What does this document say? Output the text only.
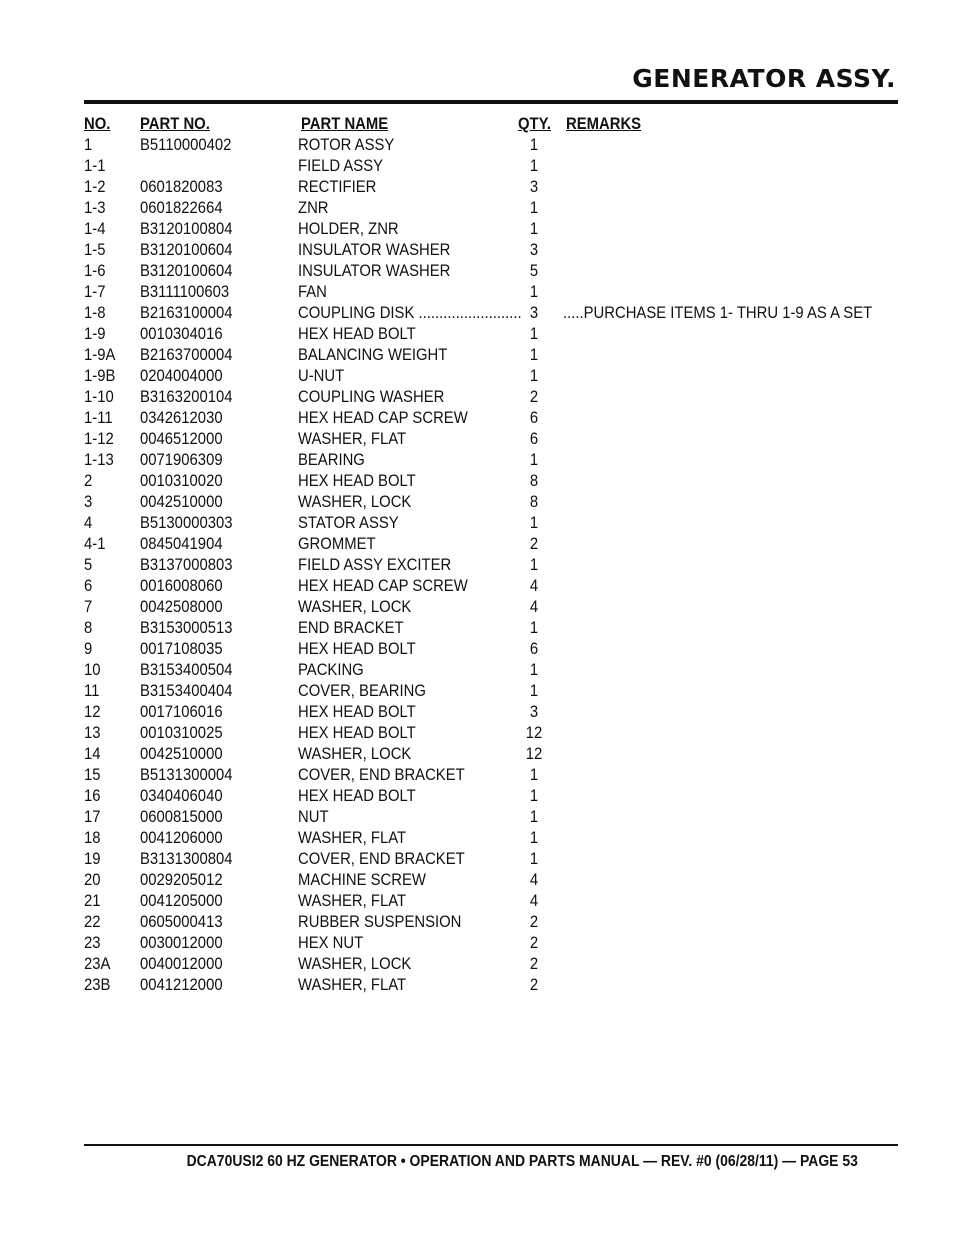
GENERATOR ASSY.
NO. PART NO.	PART NAME	QTY. REMARKS
1	B5110000402	ROTOR ASSY	1
1-1	FIELD ASSY	1
1-2 0601820083	RECTIFIER	3
1-3 0601822664	ZNR	1
1-4 B3120100804	HOLDER, ZNR	1
1-5 B3120100604	INSULATOR WASHER	3
1-6 B3120100604	INSULATOR WASHER	5
1-7 B3111100603	FAN	1
1-8 B2163100004	COUPLING DISK ......................... 3 .....PURCHASE ITEMS 1- THRU 1-9 AS A SET
1-9 0010304016	HEX HEAD BOLT	1
1-9A B2163700004	BALANCING WEIGHT	1
1-9B 0204004000	U-NUT	1
1-10 B3163200104	COUPLING WASHER	2
1-11 0342612030	HEX HEAD CAP SCREW	6
1-12 0046512000	WASHER, FLAT	6
1-13 0071906309	BEARING	1
2	0010310020	HEX HEAD BOLT	8
3	0042510000	WASHER, LOCK	8
4	B5130000303	STATOR ASSY	1
4-1 0845041904	GROMMET	2
5	B3137000803	FIELD ASSY EXCITER	1
6	0016008060	HEX HEAD CAP SCREW	4
7	0042508000	WASHER, LOCK	4
8	B3153000513	END BRACKET	1
9	0017108035	HEX HEAD BOLT	6
10 B3153400504	PACKING	1
11 B3153400404	COVER, BEARING	1
12 0017106016	HEX HEAD BOLT	3
13 0010310025	HEX HEAD BOLT	12
14 0042510000	WASHER, LOCK	12
15 B5131300004	COVER, END BRACKET	1
16 0340406040	HEX HEAD BOLT	1
17 0600815000	NUT	1
18 0041206000	WASHER, FLAT	1
19 B3131300804	COVER, END BRACKET	1
20 0029205012	MACHINE SCREW	4
21 0041205000	WASHER, FLAT	4
22 0605000413	RUBBER SUSPENSION	2
23 0030012000	HEX NUT	2
23A 0040012000	WASHER, LOCK	2
23B 0041212000	WASHER, FLAT	2
DCA70USI2 60 HZ GENERATOR • OPERATION AND PARTS MANUAL — REV. #0 (06/28/11) — PAGE 53
